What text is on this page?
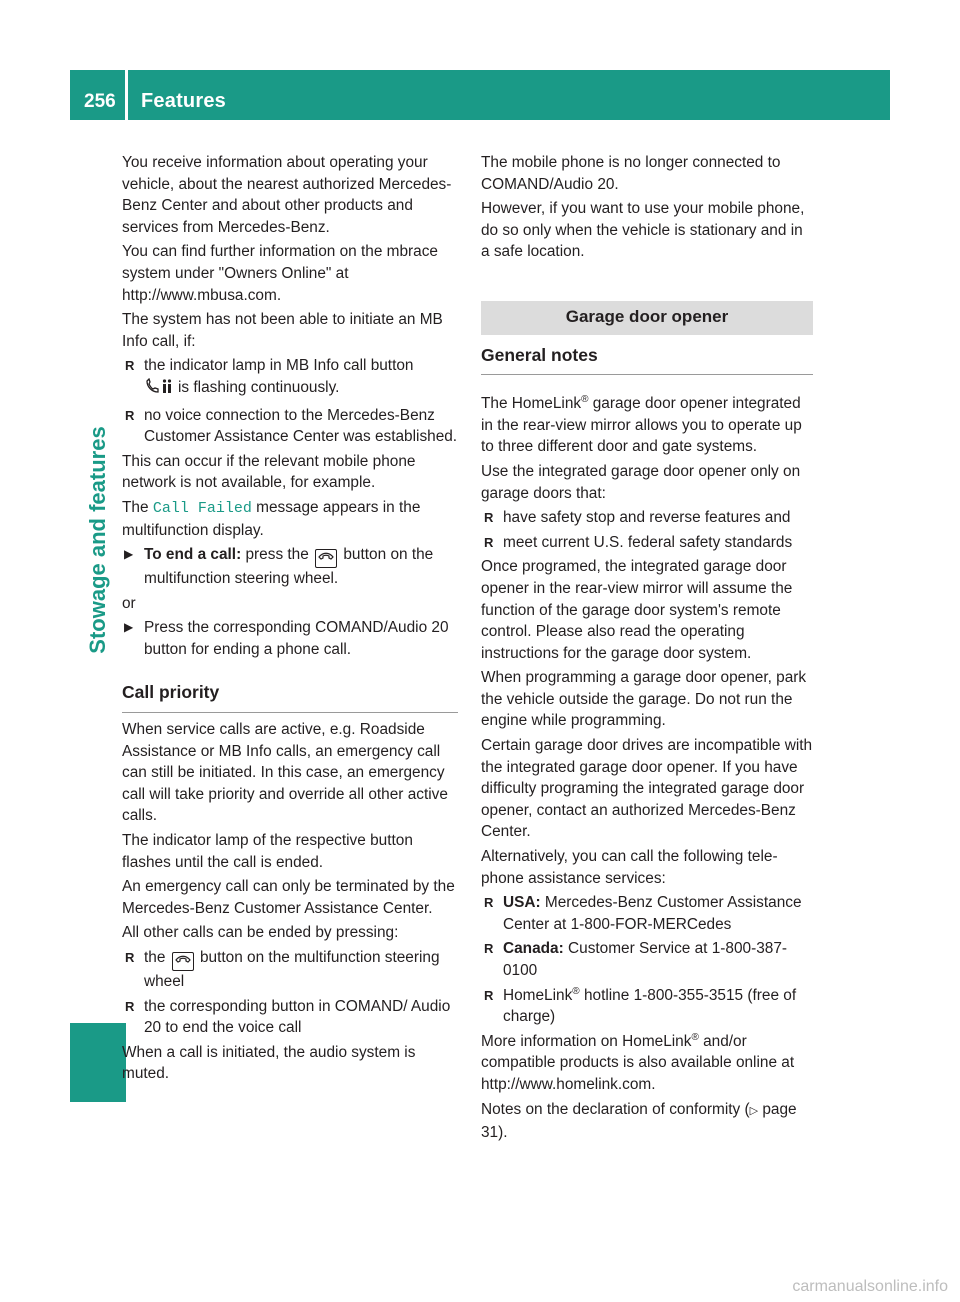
256 Features
Stowage and features

You receive information about operating your vehicle, about the nearest authorized Mercedes-Benz Center and about other products and services from Mercedes-Benz.

You can find further information on the mbrace system under "Owners Online" at http://www.mbusa.com.

The system has not been able to initiate an MB Info call, if:

R the indicator lamp in MB Info call button
is flashing continuously.
R no voice connection to the Mercedes-Benz Customer Assistance Center was established.

This can occur if the relevant mobile phone network is not available, for example.

The Call Failed message appears in the multifunction display.

▶ To end a call: press the button on the multifunction steering wheel.

or

▶ Press the corresponding COMAND/Audio 20 button for ending a phone call.
Call priority

When service calls are active, e.g. Roadside Assistance or MB Info calls, an emergency call can still be initiated. In this case, an emergency call will take priority and override all other active calls.

The indicator lamp of the respective button flashes until the call is ended.

An emergency call can only be terminated by the Mercedes-Benz Customer Assistance Center.

All other calls can be ended by pressing:

R the button on the multifunction steering wheel
R the corresponding button in COMAND/ Audio 20 to end the voice call

When a call is initiated, the audio system is muted.

The mobile phone is no longer connected to COMAND/Audio 20.

However, if you want to use your mobile phone, do so only when the vehicle is stationary and in a safe location.

Garage door opener
General notes

The HomeLink® garage door opener integrated in the rear-view mirror allows you to operate up to three different door and gate systems.

Use the integrated garage door opener only on garage doors that:

R have safety stop and reverse features and
R meet current U.S. federal safety standards

Once programed, the integrated garage door opener in the rear-view mirror will assume the function of the garage door system's remote control. Please also read the operating instructions for the garage door system.

When programming a garage door opener, park the vehicle outside the garage. Do not run the engine while programming.

Certain garage door drives are incompatible with the integrated garage door opener. If you have difficulty programing the integrated garage door opener, contact an authorized Mercedes-Benz Center.

Alternatively, you can call the following telephone assistance services:

R USA: Mercedes-Benz Customer Assistance Center at 1-800-FOR-MERCedes
R Canada: Customer Service at 1-800-387-0100
R HomeLink® hotline 1-800-355-3515 (free of charge)

More information on HomeLink® and/or compatible products is also available online at http://www.homelink.com.

Notes on the declaration of conformity (▷ page 31).

carmanualsonline.info
